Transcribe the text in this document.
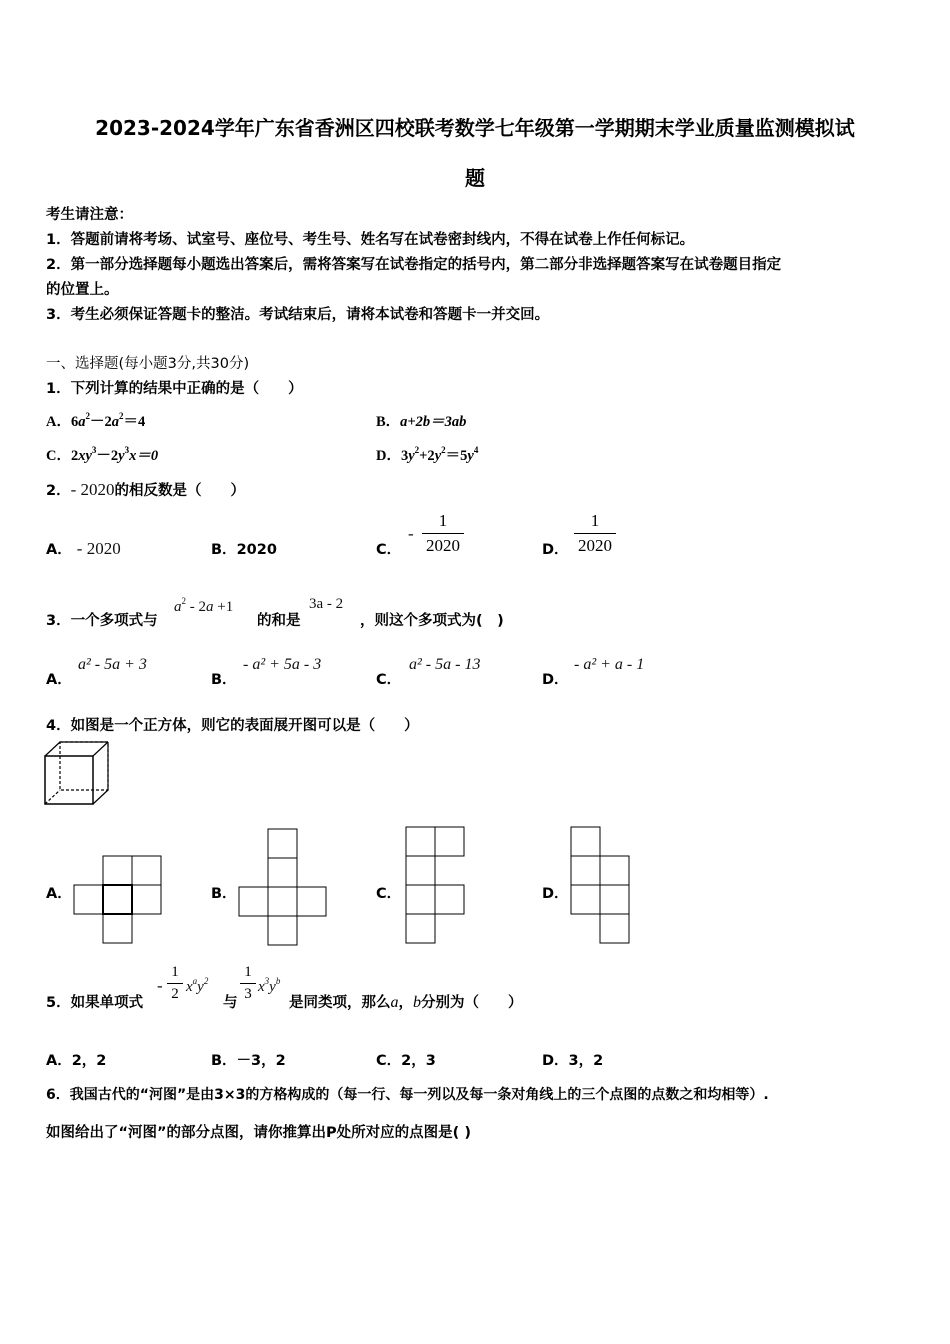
2023-2024学年广东省香洲区四校联考数学七年级第一学期期末学业质量监测模拟试
题
考生请注意：
1．答题前请将考场、试室号、座位号、考生号、姓名写在试卷密封线内，不得在试卷上作任何标记。
2．第一部分选择题每小题选出答案后，需将答案写在试卷指定的括号内，第二部分非选择题答案写在试卷题目指定
的位置上。
3．考生必须保证答题卡的整洁。考试结束后，请将本试卷和答题卡一并交回。
一、选择题(每小题3分,共30分)
1．下列计算的结果中正确的是（　　）
A．$6a^2-2a^2=4$	B．a+2b＝3ab
C．$2xy^3-2y^3x=0$	D．$3y^2+2y^2=5y^4$
2．- 2020的相反数是（　　）
A． - 2020	B．2020	C．
-
1
2020	D．
1
2020
3．一个多项式与
$a^2 - 2a +1$
的和是
3a - 2
，则这个多项式为(　)
A．
a² - 5a + 3
B．
- a² + 5a - 3
C．
a² - 5a - 13
D．
- a² + a - 1
4．如图是一个正方体，则它的表面展开图可以是（　　）
A．	B．	C．	D．
5．如果单项式
-
1
2 $x^ay^2$
与
1
3 $x^3y^b$
是同类项，那么a，b分别为（　　）
A．2，2	B．－3，2	C．2，3	D．3，2
6．我国古代的“河图”是由3×3的方格构成的（每一行、每一列以及每一条对角线上的三个点图的点数之和均相等）.
如图给出了“河图”的部分点图，请你推算出P处所对应的点图是( )
